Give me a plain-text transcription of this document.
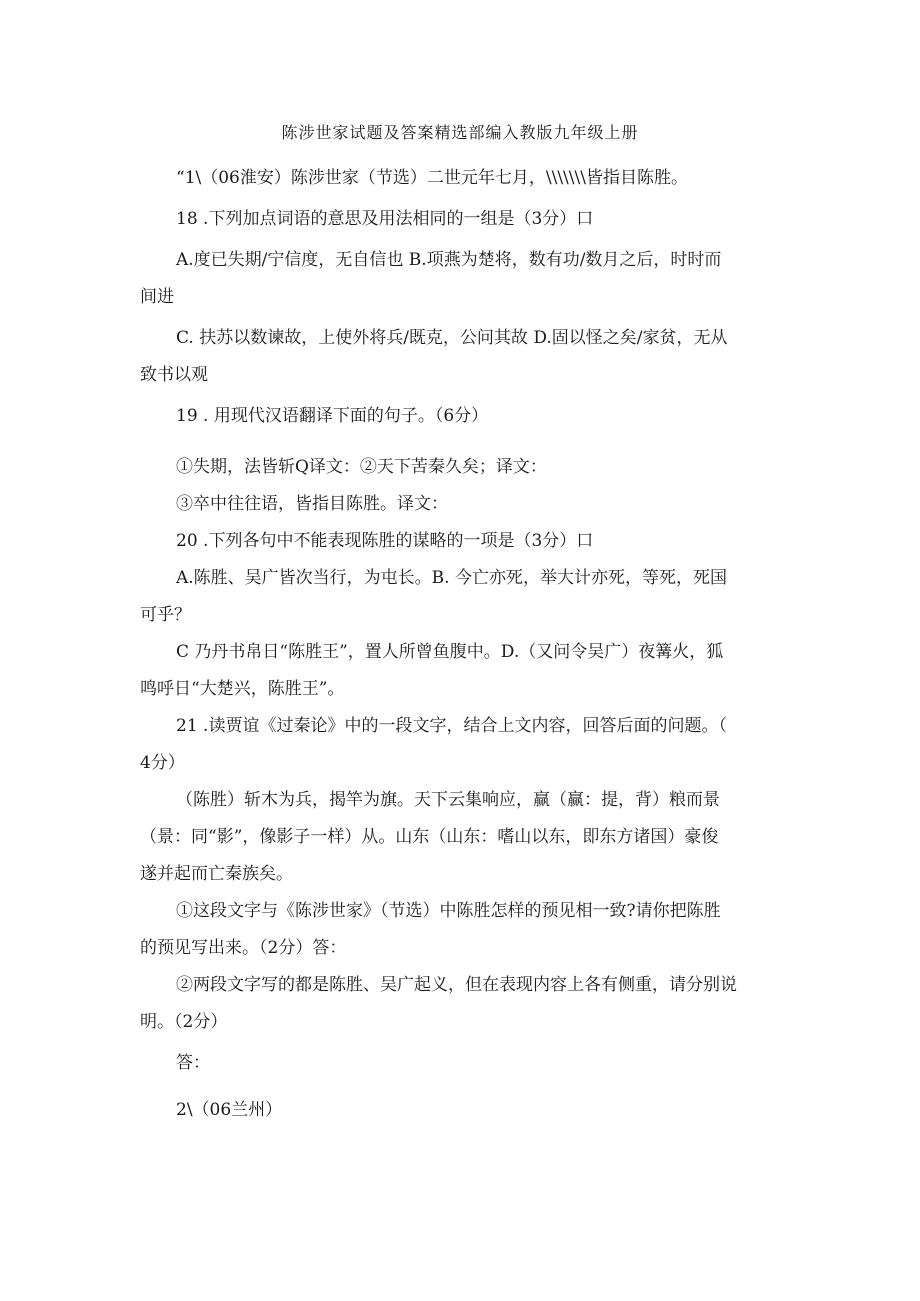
陈涉世家试题及答案精选部编入教版九年级上册

“1\（06淮安）陈涉世家（节选）二世元年七月，\\\\\\\皆指目陈胜。

18 .下列加点词语的意思及用法相同的一组是（3分）口

A.度已失期/宁信度，无自信也 B.项燕为楚将，数有功/数月之后，时时而

间进

C. 扶苏以数谏故，上使外将兵/既克，公问其故 D.固以怪之矣/家贫，无从

致书以观

19 . 用现代汉语翻译下面的句子。（6分）

①失期，法皆斩Q译文：②天下苦秦久矣；译文：

③卒中往往语，皆指目陈胜。译文：

20 .下列各句中不能表现陈胜的谋略的一项是（3分）口

A.陈胜、吴广皆次当行，为屯长。B. 今亡亦死，举大计亦死，等死，死国

可乎？

C 乃丹书帛日“陈胜王”，置人所曾鱼腹中。D.（又问令吴广）夜篝火，狐

鸣呼日“大楚兴，陈胜王”。

21 .读贾谊《过秦论》中的一段文字，结合上文内容，回答后面的问题。（

4分）

（陈胜）斩木为兵，揭竿为旗。天下云集响应，赢（赢：提，背）粮而景

（景：同“影”，像影子一样）从。山东（山东：嗜山以东，即东方诸国）豪俊

遂并起而亡秦族矣。

①这段文字与《陈涉世家》（节选）中陈胜怎样的预见相一致?请你把陈胜

的预见写出来。（2分）答：

②两段文字写的都是陈胜、吴广起义，但在表现内容上各有侧重，请分别说

明。（2分）

答：

2\（06兰州）
